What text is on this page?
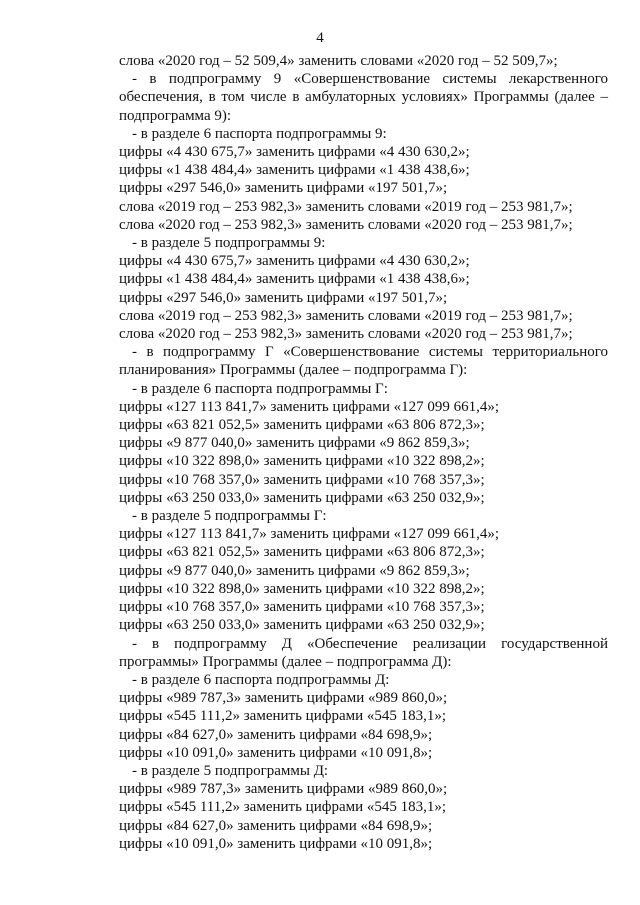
4

слова «2020 год – 52 509,4» заменить словами «2020 год – 52 509,7»;

- в подпрограмму 9 «Совершенствование системы лекарственного обеспечения, в том числе в амбулаторных условиях» Программы (далее – подпрограмма 9):

- в разделе 6 паспорта подпрограммы 9:

цифры «4 430 675,7» заменить цифрами «4 430 630,2»;

цифры «1 438 484,4» заменить цифрами «1 438 438,6»;

цифры «297 546,0» заменить цифрами «197 501,7»;

слова «2019 год – 253 982,3» заменить словами «2019 год – 253 981,7»;

слова «2020 год – 253 982,3» заменить словами «2020 год – 253 981,7»;

- в разделе 5 подпрограммы 9:

цифры «4 430 675,7» заменить цифрами «4 430 630,2»;

цифры «1 438 484,4» заменить цифрами «1 438 438,6»;

цифры «297 546,0» заменить цифрами «197 501,7»;

слова «2019 год – 253 982,3» заменить словами «2019 год – 253 981,7»;

слова «2020 год – 253 982,3» заменить словами «2020 год – 253 981,7»;

- в подпрограмму Г «Совершенствование системы территориального планирования» Программы (далее – подпрограмма Г):

- в разделе 6 паспорта подпрограммы Г:

цифры «127 113 841,7» заменить цифрами «127 099 661,4»;

цифры «63 821 052,5» заменить цифрами «63 806 872,3»;

цифры «9 877 040,0» заменить цифрами «9 862 859,3»;

цифры «10 322 898,0» заменить цифрами «10 322 898,2»;

цифры «10 768 357,0» заменить цифрами «10 768 357,3»;

цифры «63 250 033,0» заменить цифрами «63 250 032,9»;

- в разделе 5 подпрограммы Г:

цифры «127 113 841,7» заменить цифрами «127 099 661,4»;

цифры «63 821 052,5» заменить цифрами «63 806 872,3»;

цифры «9 877 040,0» заменить цифрами «9 862 859,3»;

цифры «10 322 898,0» заменить цифрами «10 322 898,2»;

цифры «10 768 357,0» заменить цифрами «10 768 357,3»;

цифры «63 250 033,0» заменить цифрами «63 250 032,9»;

- в подпрограмму Д «Обеспечение реализации государственной программы» Программы (далее – подпрограмма Д):

- в разделе 6 паспорта подпрограммы Д:

цифры «989 787,3» заменить цифрами «989 860,0»;

цифры «545 111,2» заменить цифрами «545 183,1»;

цифры «84 627,0» заменить цифрами «84 698,9»;

цифры «10 091,0» заменить цифрами «10 091,8»;

- в разделе 5 подпрограммы Д:

цифры «989 787,3» заменить цифрами «989 860,0»;

цифры «545 111,2» заменить цифрами «545 183,1»;

цифры «84 627,0» заменить цифрами «84 698,9»;

цифры «10 091,0» заменить цифрами «10 091,8»;
